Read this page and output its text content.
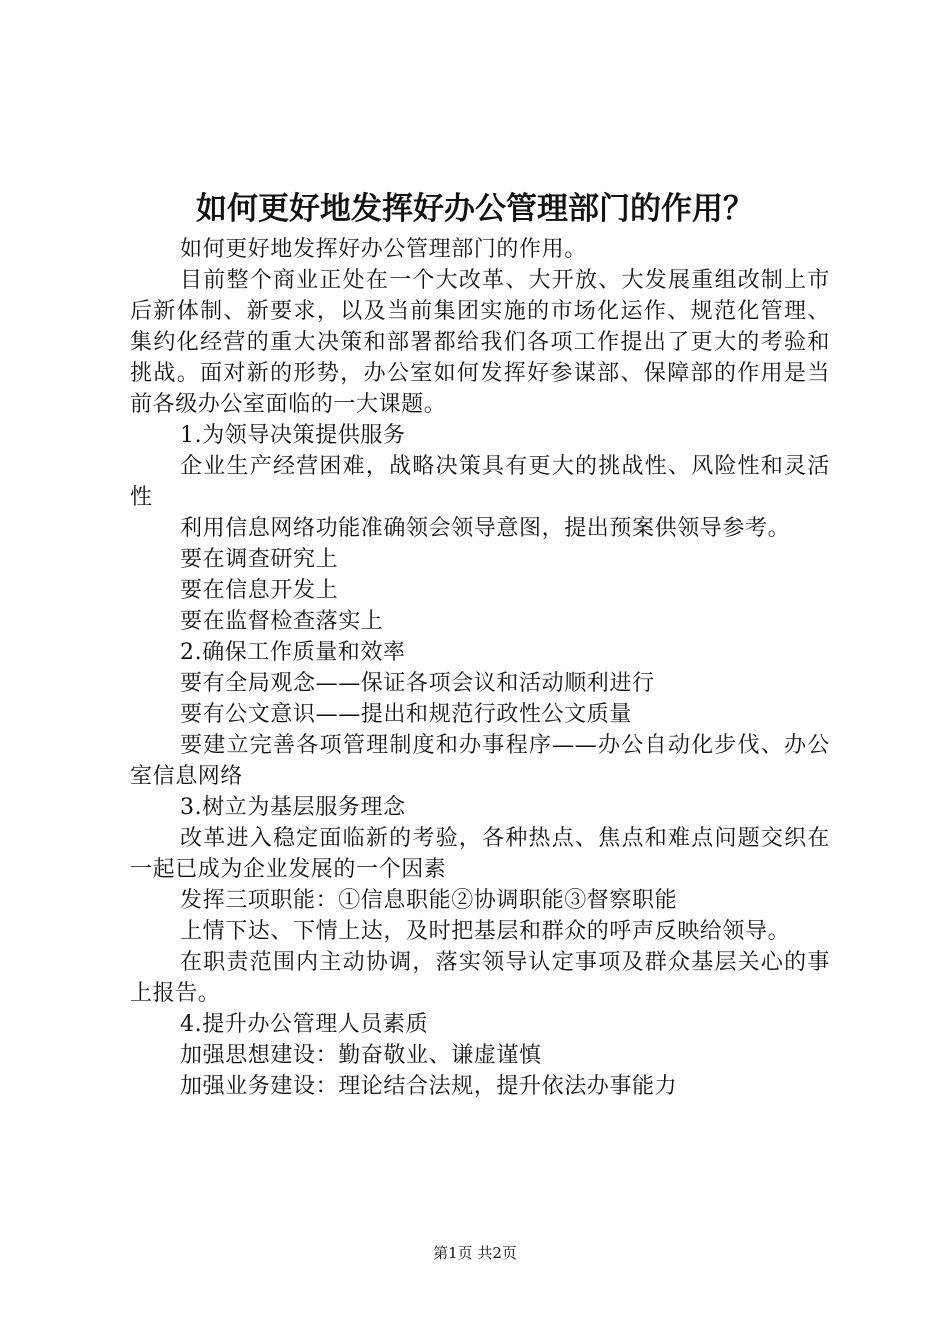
如何更好地发挥好办公管理部门的作用？

如何更好地发挥好办公管理部门的作用。

目前整个商业正处在一个大改革、大开放、大发展重组改制上市后新体制、新要求，以及当前集团实施的市场化运作、规范化管理、集约化经营的重大决策和部署都给我们各项工作提出了更大的考验和挑战。面对新的形势，办公室如何发挥好参谋部、保障部的作用是当前各级办公室面临的一大课题。

1.为领导决策提供服务

企业生产经营困难，战略决策具有更大的挑战性、风险性和灵活性

利用信息网络功能准确领会领导意图，提出预案供领导参考。

要在调查研究上

要在信息开发上

要在监督检查落实上

2.确保工作质量和效率

要有全局观念——保证各项会议和活动顺利进行

要有公文意识——提出和规范行政性公文质量

要建立完善各项管理制度和办事程序——办公自动化步伐、办公室信息网络

3.树立为基层服务理念

改革进入稳定面临新的考验，各种热点、焦点和难点问题交织在一起已成为企业发展的一个因素

发挥三项职能：①信息职能②协调职能③督察职能

上情下达、下情上达，及时把基层和群众的呼声反映给领导。

在职责范围内主动协调，落实领导认定事项及群众基层关心的事上报告。

4.提升办公管理人员素质

加强思想建设：勤奋敬业、谦虚谨慎

加强业务建设：理论结合法规，提升依法办事能力

第1页 共2页
